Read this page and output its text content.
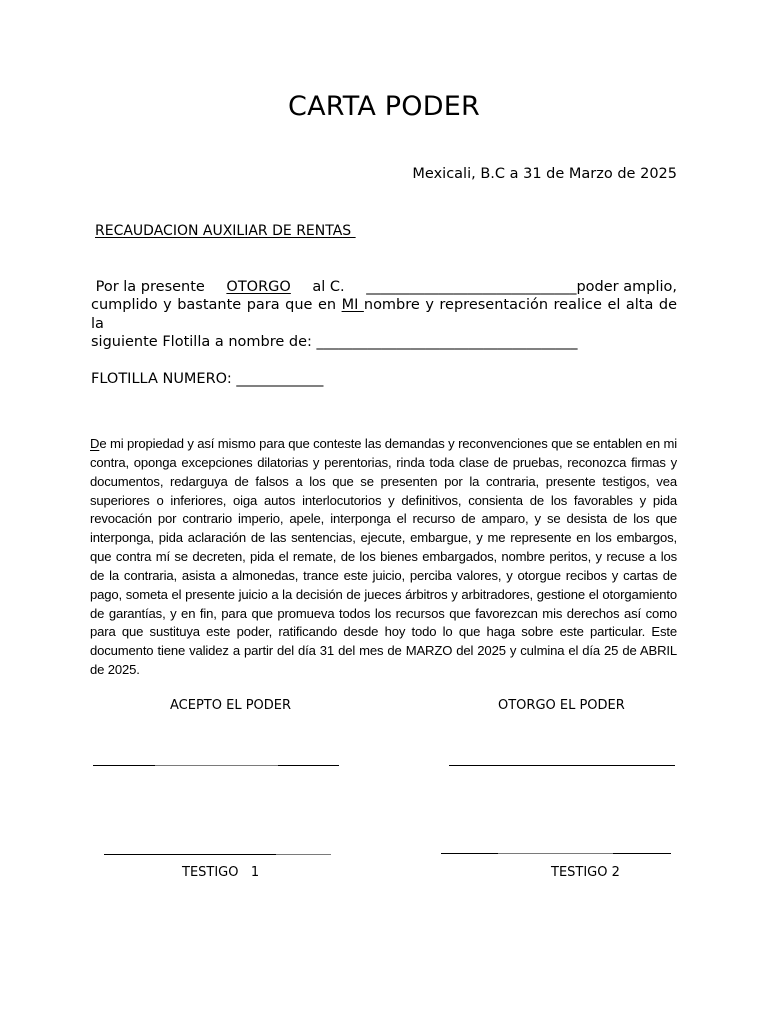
CARTA PODER
Mexicali, B.C a 31 de Marzo de 2025
RECAUDACION AUXILIAR DE RENTAS
Por la presente OTORGO al C. _____________________________poder amplio,
cumplido y bastante para que en MI nombre y representación realice el alta de la
siguiente Flotilla a nombre de: ____________________________________
FLOTILLA NUMERO: ____________
De mi propiedad y así mismo para que conteste las demandas y reconvenciones que se entablen en mi contra, oponga excepciones dilatorias y perentorias, rinda toda clase de pruebas, reconozca firmas y documentos, redarguya de falsos a los que se presenten por la contraria, presente testigos, vea superiores o inferiores, oiga autos interlocutorios y definitivos, consienta de los favorables y pida revocación por contrario imperio, apele, interponga el recurso de amparo, y se desista de los que interponga, pida aclaración de las sentencias, ejecute, embargue, y me represente en los embargos, que contra mí se decreten, pida el remate, de los bienes embargados, nombre peritos, y recuse a los de la contraria, asista a almonedas, trance este juicio, perciba valores, y otorgue recibos y cartas de pago, someta el presente juicio a la decisión de jueces árbitros y arbitradores, gestione el otorgamiento de garantías, y en fin, para que promueva todos los recursos que favorezcan mis derechos así como para que sustituya este poder, ratificando desde hoy todo lo que haga sobre este particular. Este documento tiene validez a partir del día 31 del mes de MARZO del 2025 y culmina el día 25 de ABRIL de 2025.
ACEPTO EL PODER	OTORGO EL PODER
TESTIGO   1	TESTIGO 2
